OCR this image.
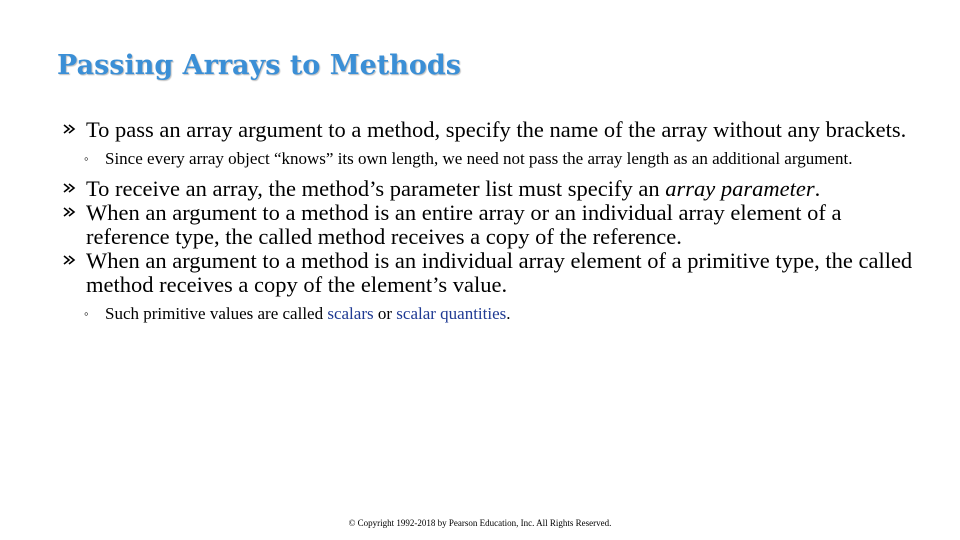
Passing Arrays to Methods
To pass an array argument to a method, specify the name of the array without any brackets.
◦ Since every array object “knows” its own length, we need not pass the array length as an additional argument.
To receive an array, the method’s parameter list must specify an array parameter.
When an argument to a method is an entire array or an individual array element of a reference type, the called method receives a copy of the reference.
When an argument to a method is an individual array element of a primitive type, the called method receives a copy of the element’s value.
◦ Such primitive values are called scalars or scalar quantities.
© Copyright 1992-2018 by Pearson Education, Inc. All Rights Reserved.
